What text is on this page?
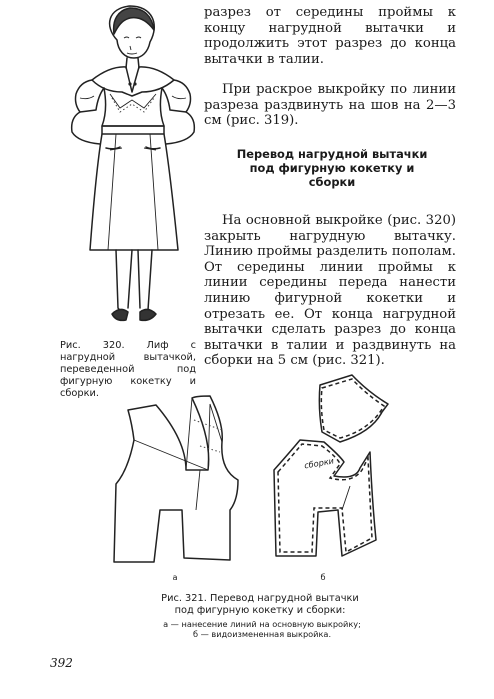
Рис. 320. Лиф с нагрудной вытачкой, переведенной под фигурную кокетку и сборки.
разрез от середины проймы к концу нагрудной вытачки и продолжить этот разрез до конца вытачки в талии.
При раскрое выкройку по линии разреза раздвинуть на шов на 2—3 см (рис. 319).
Перевод нагрудной вытачки под фигурную кокетку и сборки
На основной выкройке (рис. 320) закрыть нагрудную вытачку. Линию проймы разделить пополам. От середины линии проймы к линии середины переда нанести линию фигурной кокетки и отрезать ее. От конца нагрудной вытачки сделать разрез до конца вытачки в талии и раздвинуть на сборки на 5 см (рис. 321).
а
сборки
б
Рис. 321. Перевод нагрудной вытачки
под фигурную кокетку и сборки:
а — нанесение линий на основную выкройку;
б — видоизмененная выкройка.
392
